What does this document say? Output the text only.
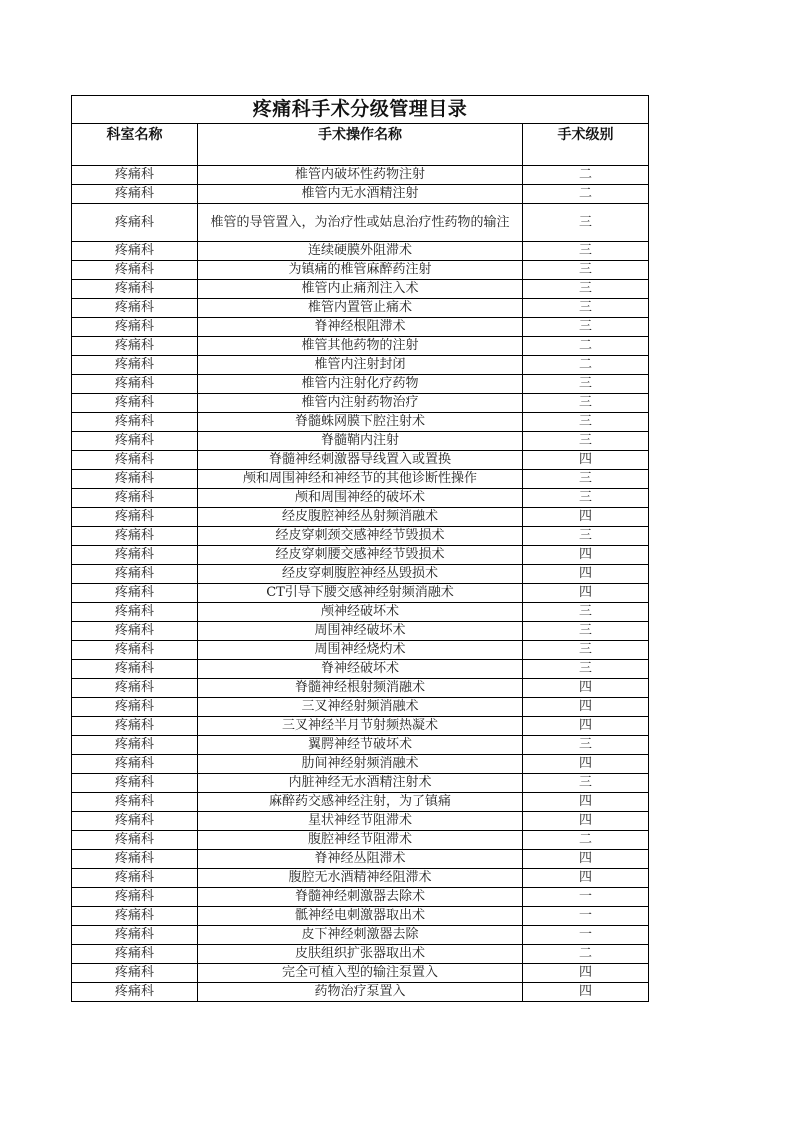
疼痛科手术分级管理目录		
科室名称	手术操作名称	手术级别
疼痛科	椎管内破坏性药物注射	二
疼痛科	椎管内无水酒精注射	二
疼痛科	椎管的导管置入，为治疗性或姑息治疗性药物的输注	三
疼痛科	连续硬膜外阻滞术	三
疼痛科	为镇痛的椎管麻醉药注射	三
疼痛科	椎管内止痛剂注入术	三
疼痛科	椎管内置管止痛术	三
疼痛科	脊神经根阻滞术	三
疼痛科	椎管其他药物的注射	二
疼痛科	椎管内注射封闭	二
疼痛科	椎管内注射化疗药物	三
疼痛科	椎管内注射药物治疗	三
疼痛科	脊髓蛛网膜下腔注射术	三
疼痛科	脊髓鞘内注射	三
疼痛科	脊髓神经刺激器导线置入或置换	四
疼痛科	颅和周围神经和神经节的其他诊断性操作	三
疼痛科	颅和周围神经的破坏术	三
疼痛科	经皮腹腔神经丛射频消融术	四
疼痛科	经皮穿刺颈交感神经节毁损术	三
疼痛科	经皮穿刺腰交感神经节毁损术	四
疼痛科	经皮穿刺腹腔神经丛毁损术	四
疼痛科	CT引导下腰交感神经射频消融术	四
疼痛科	颅神经破坏术	三
疼痛科	周围神经破坏术	三
疼痛科	周围神经烧灼术	三
疼痛科	脊神经破坏术	三
疼痛科	脊髓神经根射频消融术	四
疼痛科	三叉神经射频消融术	四
疼痛科	三叉神经半月节射频热凝术	四
疼痛科	翼腭神经节破坏术	三
疼痛科	肋间神经射频消融术	四
疼痛科	内脏神经无水酒精注射术	三
疼痛科	麻醉药交感神经注射，为了镇痛	四
疼痛科	星状神经节阻滞术	四
疼痛科	腹腔神经节阻滞术	二
疼痛科	脊神经丛阻滞术	四
疼痛科	腹腔无水酒精神经阻滞术	四
疼痛科	脊髓神经刺激器去除术	一
疼痛科	骶神经电刺激器取出术	一
疼痛科	皮下神经刺激器去除	一
疼痛科	皮肤组织扩张器取出术	二
疼痛科	完全可植入型的输注泵置入	四
疼痛科	药物治疗泵置入	四
